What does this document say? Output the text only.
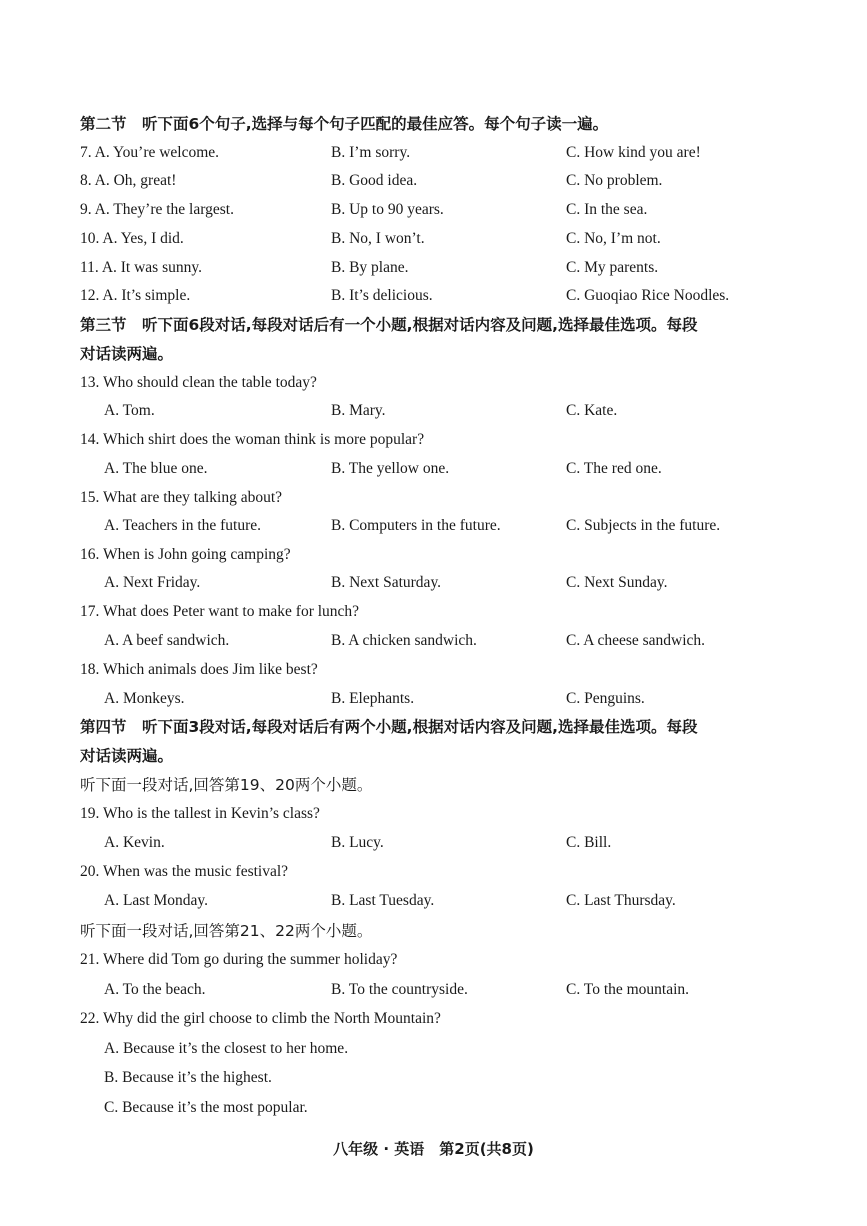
第二节　听下面6个句子,选择与每个句子匹配的最佳应答。每个句子读一遍。
7. A. You’re welcome.	B. I’m sorry.	C. How kind you are!
8. A. Oh, great!	B. Good idea.	C. No problem.
9. A. They’re the largest.	B. Up to 90 years.	C. In the sea.
10. A. Yes, I did.	B. No, I won’t.	C. No, I’m not.
11. A. It was sunny.	B. By plane.	C. My parents.
12. A. It’s simple.	B. It’s delicious.	C. Guoqiao Rice Noodles.
第三节　听下面6段对话,每段对话后有一个小题,根据对话内容及问题,选择最佳选项。每段
对话读两遍。
13. Who should clean the table today?
A. Tom.	B. Mary.	C. Kate.
14. Which shirt does the woman think is more popular?
A. The blue one.	B. The yellow one.	C. The red one.
15. What are they talking about?
A. Teachers in the future.	B. Computers in the future.	C. Subjects in the future.
16. When is John going camping?
A. Next Friday.	B. Next Saturday.	C. Next Sunday.
17. What does Peter want to make for lunch?
A. A beef sandwich.	B. A chicken sandwich.	C. A cheese sandwich.
18. Which animals does Jim like best?
A. Monkeys.	B. Elephants.	C. Penguins.
第四节　听下面3段对话,每段对话后有两个小题,根据对话内容及问题,选择最佳选项。每段
对话读两遍。
听下面一段对话,回答第19、20两个小题。
19. Who is the tallest in Kevin’s class?
A. Kevin.	B. Lucy.	C. Bill.
20. When was the music festival?
A. Last Monday.	B. Last Tuesday.	C. Last Thursday.
听下面一段对话,回答第21、22两个小题。
21. Where did Tom go during the summer holiday?
A. To the beach.	B. To the countryside.	C. To the mountain.
22. Why did the girl choose to climb the North Mountain?
A. Because it’s the closest to her home.
B. Because it’s the highest.
C. Because it’s the most popular.
八年级 · 英语　第2页(共8页)
